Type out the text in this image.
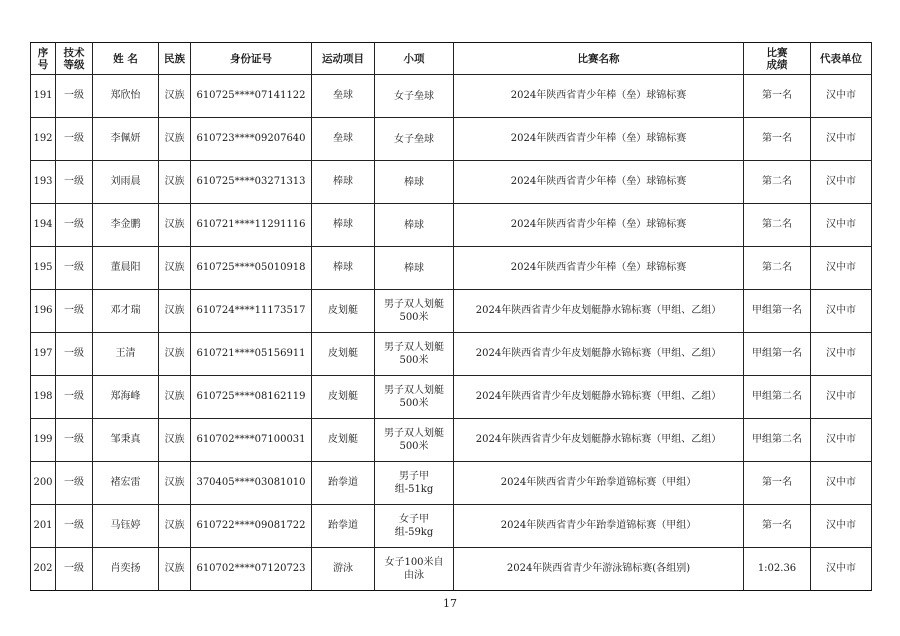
序号	技术等级	姓 名	民族	身份证号	运动项目	小项	比赛名称	比赛成绩	代表单位
191	一级	郑欣怡	汉族	610725****07141122	垒球	女子垒球	2024年陕西省青少年棒（垒）球锦标赛	第一名	汉中市
192	一级	李佩妍	汉族	610723****09207640	垒球	女子垒球	2024年陕西省青少年棒（垒）球锦标赛	第一名	汉中市
193	一级	刘雨晨	汉族	610725****03271313	棒球	棒球	2024年陕西省青少年棒（垒）球锦标赛	第二名	汉中市
194	一级	李金鹏	汉族	610721****11291116	棒球	棒球	2024年陕西省青少年棒（垒）球锦标赛	第二名	汉中市
195	一级	董晨阳	汉族	610725****05010918	棒球	棒球	2024年陕西省青少年棒（垒）球锦标赛	第二名	汉中市
196	一级	邓才瑞	汉族	610724****11173517	皮划艇	男子双人划艇500米	2024年陕西省青少年皮划艇静水锦标赛（甲组、乙组）	甲组第一名	汉中市
197	一级	王清	汉族	610721****05156911	皮划艇	男子双人划艇500米	2024年陕西省青少年皮划艇静水锦标赛（甲组、乙组）	甲组第一名	汉中市
198	一级	郑海峰	汉族	610725****08162119	皮划艇	男子双人划艇500米	2024年陕西省青少年皮划艇静水锦标赛（甲组、乙组）	甲组第二名	汉中市
199	一级	邹秉真	汉族	610702****07100031	皮划艇	男子双人划艇500米	2024年陕西省青少年皮划艇静水锦标赛（甲组、乙组）	甲组第二名	汉中市
200	一级	褚宏雷	汉族	370405****03081010	跆拳道	男子甲组-51kg	2024年陕西省青少年跆拳道锦标赛（甲组）	第一名	汉中市
201	一级	马钰婷	汉族	610722****09081722	跆拳道	女子甲组-59kg	2024年陕西省青少年跆拳道锦标赛（甲组）	第一名	汉中市
202	一级	肖奕扬	汉族	610702****07120723	游泳	女子100米自由泳	2024年陕西省青少年游泳锦标赛(各组别)	1:02.36	汉中市
17
